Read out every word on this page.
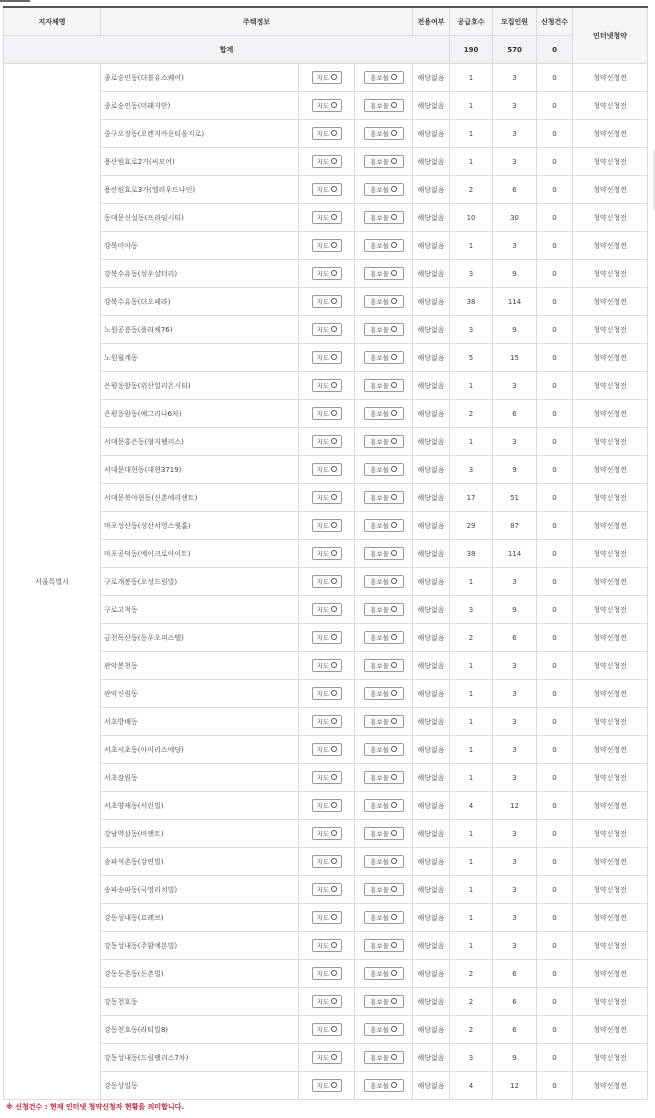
지자체명	주택정보			전용여부	공급호수	모집인원	신청건수	인터넷청약
합계					190	570	0	
서울특별시	종로숭인동(더블유스퀘어)	지도	홍보물	해당없음	1	3	0	청약신청전
	종로숭인동(미래지안)	지도	홍보물	해당없음	1	3	0	청약신청전
	중구오장동(오렌지카운티을지로)	지도	홍보물	해당없음	1	3	0	청약신청전
	용산원효로2가(씨모어)	지도	홍보물	해당없음	1	3	0	청약신청전
	용산원효로3가(엘리우드나인)	지도	홍보물	해당없음	2	6	0	청약신청전
	동대문신설동(프라임시티)	지도	홍보물	해당없음	10	30	0	청약신청전
	강북미아동	지도	홍보물	해당없음	1	3	0	청약신청전
	강북수유동(성우샬터리)	지도	홍보물	해당없음	3	9	0	청약신청전
	강북수유동(더오페라)	지도	홍보물	해당없음	38	114	0	청약신청전
	노원공릉동(플라체76)	지도	홍보물	해당없음	3	9	0	청약신청전
	노원월계동	지도	홍보물	해당없음	5	15	0	청약신청전
	은평응암동(위산일리온시티)	지도	홍보물	해당없음	1	3	0	청약신청전
	은평응암동(예그리나6차)	지도	홍보물	해당없음	2	6	0	청약신청전
	서대문홍은동(형지펠리스)	지도	홍보물	해당없음	1	3	0	청약신청전
	서대문대현동(대현3719)	지도	홍보물	해당없음	3	9	0	청약신청전
	서대문북아현동(신촌에리센트)	지도	홍보물	해당없음	17	51	0	청약신청전
	마포성산동(성산서영스윗홈)	지도	홍보물	해당없음	29	87	0	청약신청전
	마포공덕동(에이크로아이트)	지도	홍보물	해당없음	38	114	0	청약신청전
	구로개봉동(오성드림빌)	지도	홍보물	해당없음	1	3	0	청약신청전
	구로고척동	지도	홍보물	해당없음	3	9	0	청약신청전
	금천독산동(동우오피스텔)	지도	홍보물	해당없음	2	6	0	청약신청전
	관악봉천동	지도	홍보물	해당없음	1	3	0	청약신청전
	관악신림동	지도	홍보물	해당없음	1	3	0	청약신청전
	서초방배동	지도	홍보물	해당없음	1	3	0	청약신청전
	서초서초동(아이리스에당)	지도	홍보물	해당없음	1	3	0	청약신청전
	서초잠원동	지도	홍보물	해당없음	1	3	0	청약신청전
	서초양재동(서린빌)	지도	홍보물	해당없음	4	12	0	청약신청전
	강남역삼동(비앤트)	지도	홍보물	해당없음	1	3	0	청약신청전
	송파석촌동(강연빌)	지도	홍보물	해당없음	1	3	0	청약신청전
	송파송파동(국영리치빌)	지도	홍보물	해당없음	1	3	0	청약신청전
	강동성내동(르레브)	지도	홍보물	해당없음	1	3	0	청약신청전
	강동성내동(주함예본빌)	지도	홍보물	해당없음	1	3	0	청약신청전
	강동둔촌동(둔촌빌)	지도	홍보물	해당없음	2	6	0	청약신청전
	강동천호동	지도	홍보물	해당없음	2	6	0	청약신청전
	강동천호동(라티빌8)	지도	홍보물	해당없음	2	6	0	청약신청전
	강동성내동(드림팰리스7차)	지도	홍보물	해당없음	3	9	0	청약신청전
	강동상일동	지도	홍보물	해당없음	4	12	0	청약신청전
※ 신청건수 : 현재 인터넷 청약신청자 현황을 의미합니다.
